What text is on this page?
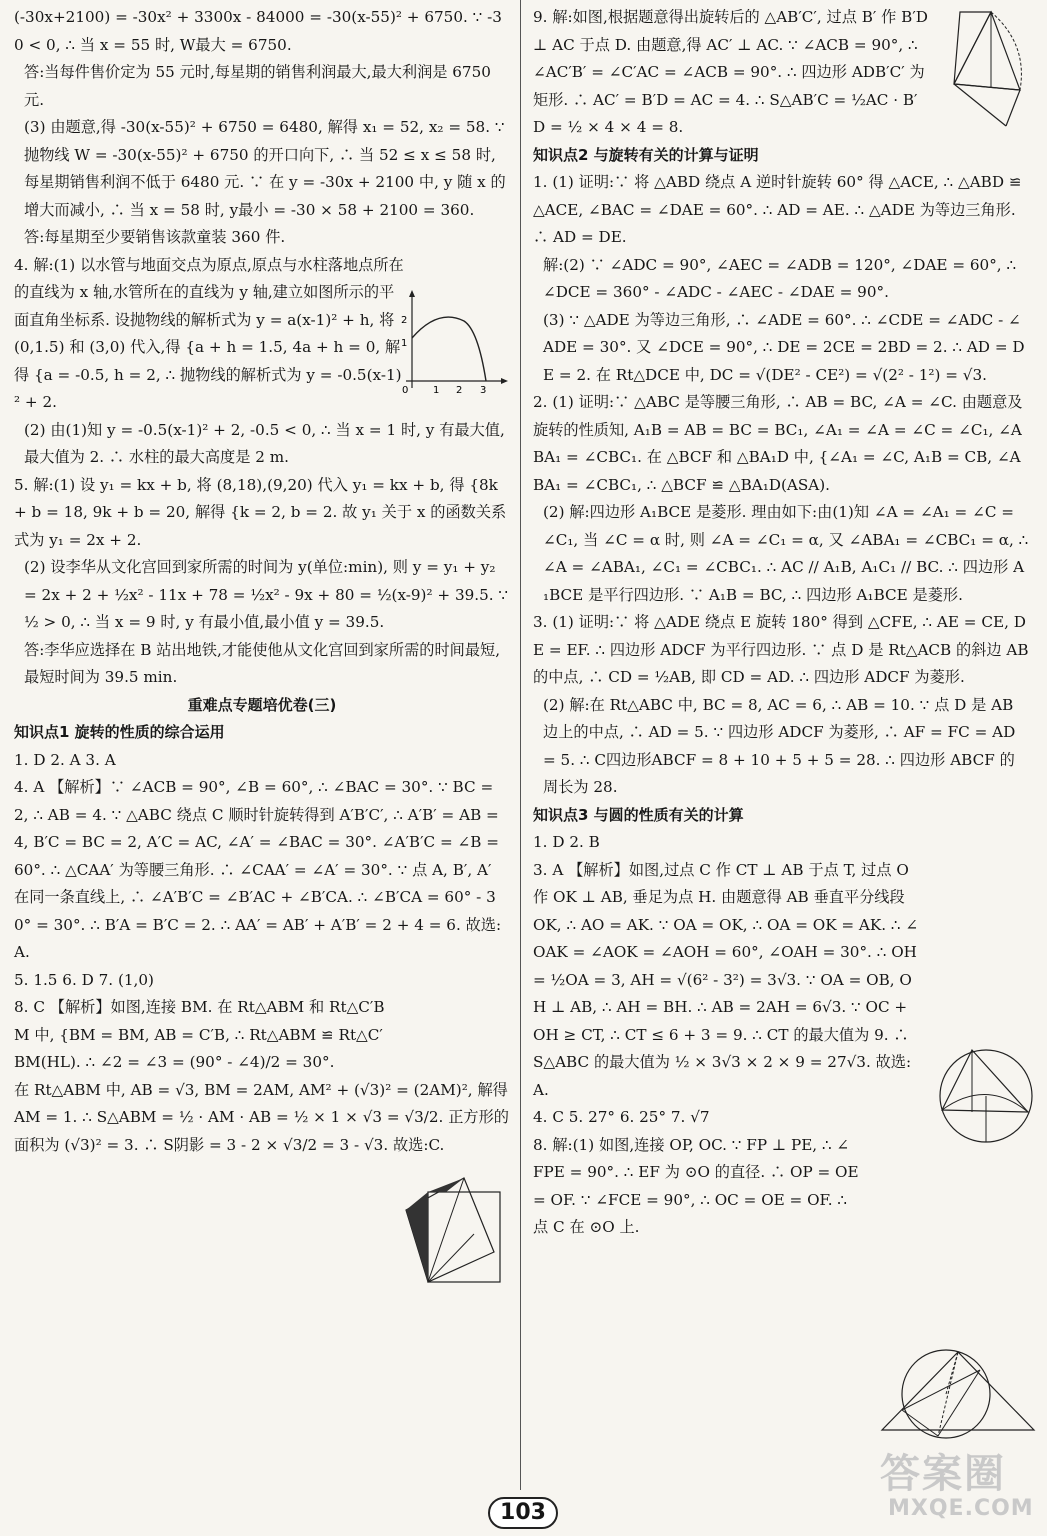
(-30x+2100) = -30x² + 3300x - 84000 = -30(x-55)² + 6750. ∵ -30 < 0, ∴ 当 x = 55 时, W最大 = 6750.

答:当每件售价定为 55 元时,每星期的销售利润最大,最大利润是 6750 元.

(3) 由题意,得 -30(x-55)² + 6750 = 6480, 解得 x₁ = 52, x₂ = 58. ∵ 抛物线 W = -30(x-55)² + 6750 的开口向下, ∴ 当 52 ≤ x ≤ 58 时,每星期销售利润不低于 6480 元. ∵ 在 y = -30x + 2100 中, y 随 x 的增大而减小, ∴ 当 x = 58 时, y最小 = -30 × 58 + 2100 = 360.

答:每星期至少要销售该款童装 360 件.

4. 解:(1) 以水管与地面交点为原点,原点与水柱落地点所在的直线为 x 轴,水管所在的直线为 y 轴,建立如图所示的平面直角坐标系. 设抛物线的解析式为 y = a(x-1)² + h, 将 (0,1.5) 和 (3,0) 代入,得 {a + h = 1.5, 4a + h = 0, 解得 {a = -0.5, h = 2, ∴ 抛物线的解析式为 y = -0.5(x-1)² + 2.

(2) 由(1)知 y = -0.5(x-1)² + 2, -0.5 < 0, ∴ 当 x = 1 时, y 有最大值,最大值为 2. ∴ 水柱的最大高度是 2 m.

5. 解:(1) 设 y₁ = kx + b, 将 (8,18),(9,20) 代入 y₁ = kx + b, 得 {8k + b = 18, 9k + b = 20, 解得 {k = 2, b = 2. 故 y₁ 关于 x 的函数关系式为 y₁ = 2x + 2.

(2) 设李华从文化宫回到家所需的时间为 y(单位:min), 则 y = y₁ + y₂ = 2x + 2 + ½x² - 11x + 78 = ½x² - 9x + 80 = ½(x-9)² + 39.5. ∵ ½ > 0, ∴ 当 x = 9 时, y 有最小值,最小值 y = 39.5.

答:李华应选择在 B 站出地铁,才能使他从文化宫回到家所需的时间最短,最短时间为 39.5 min.

重难点专题培优卷(三)

知识点1 旋转的性质的综合运用

1. D 2. A 3. A

4. A 【解析】∵ ∠ACB = 90°, ∠B = 60°, ∴ ∠BAC = 30°. ∵ BC = 2, ∴ AB = 4. ∵ △ABC 绕点 C 顺时针旋转得到 A′B′C′, ∴ A′B′ = AB = 4, B′C = BC = 2, A′C = AC, ∠A′ = ∠BAC = 30°. ∠A′B′C = ∠B = 60°. ∴ △CAA′ 为等腰三角形. ∴ ∠CAA′ = ∠A′ = 30°. ∵ 点 A, B′, A′ 在同一条直线上, ∴ ∠A′B′C = ∠B′AC + ∠B′CA. ∴ ∠B′CA = 60° - 30° = 30°. ∴ B′A = B′C = 2. ∴ AA′ = AB′ + A′B′ = 2 + 4 = 6. 故选:A.

5. 1.5 6. D 7. (1,0)

8. C 【解析】如图,连接 BM. 在 Rt△ABM 和 Rt△C′BM 中, {BM = BM, AB = C′B, ∴ Rt△ABM ≌ Rt△C′BM(HL). ∴ ∠2 = ∠3 = (90° - ∠4)/2 = 30°.

在 Rt△ABM 中, AB = √3, BM = 2AM, AM² + (√3)² = (2AM)², 解得 AM = 1. ∴ S△ABM = ½ · AM · AB = ½ × 1 × √3 = √3/2. 正方形的面积为 (√3)² = 3. ∴ S阴影 = 3 - 2 × √3/2 = 3 - √3. 故选:C.

9. 解:如图,根据题意得出旋转后的 △AB′C′, 过点 B′ 作 B′D ⊥ AC 于点 D. 由题意,得 AC′ ⊥ AC. ∵ ∠ACB = 90°, ∴ ∠AC′B′ = ∠C′AC = ∠ACB = 90°. ∴ 四边形 ADB′C′ 为矩形. ∴ AC′ = B′D = AC = 4. ∴ S△AB′C = ½AC · B′D = ½ × 4 × 4 = 8.

知识点2 与旋转有关的计算与证明

1. (1) 证明:∵ 将 △ABD 绕点 A 逆时针旋转 60° 得 △ACE, ∴ △ABD ≌ △ACE, ∠BAC = ∠DAE = 60°. ∴ AD = AE. ∴ △ADE 为等边三角形. ∴ AD = DE.

解:(2) ∵ ∠ADC = 90°, ∠AEC = ∠ADB = 120°, ∠DAE = 60°, ∴ ∠DCE = 360° - ∠ADC - ∠AEC - ∠DAE = 90°.

(3) ∵ △ADE 为等边三角形, ∴ ∠ADE = 60°. ∴ ∠CDE = ∠ADC - ∠ADE = 30°. 又 ∠DCE = 90°, ∴ DE = 2CE = 2BD = 2. ∴ AD = DE = 2. 在 Rt△DCE 中, DC = √(DE² - CE²) = √(2² - 1²) = √3.

2. (1) 证明:∵ △ABC 是等腰三角形, ∴ AB = BC, ∠A = ∠C. 由题意及旋转的性质知, A₁B = AB = BC = BC₁, ∠A₁ = ∠A = ∠C = ∠C₁, ∠ABA₁ = ∠CBC₁. 在 △BCF 和 △BA₁D 中, {∠A₁ = ∠C, A₁B = CB, ∠ABA₁ = ∠CBC₁, ∴ △BCF ≌ △BA₁D(ASA).

(2) 解:四边形 A₁BCE 是菱形. 理由如下:由(1)知 ∠A = ∠A₁ = ∠C = ∠C₁, 当 ∠C = α 时, 则 ∠A = ∠C₁ = α, 又 ∠ABA₁ = ∠CBC₁ = α, ∴ ∠A = ∠ABA₁, ∠C₁ = ∠CBC₁. ∴ AC // A₁B, A₁C₁ // BC. ∴ 四边形 A₁BCE 是平行四边形. ∵ A₁B = BC, ∴ 四边形 A₁BCE 是菱形.

3. (1) 证明:∵ 将 △ADE 绕点 E 旋转 180° 得到 △CFE, ∴ AE = CE, DE = EF. ∴ 四边形 ADCF 为平行四边形. ∵ 点 D 是 Rt△ACB 的斜边 AB 的中点, ∴ CD = ½AB, 即 CD = AD. ∴ 四边形 ADCF 为菱形.

(2) 解:在 Rt△ABC 中, BC = 8, AC = 6, ∴ AB = 10. ∵ 点 D 是 AB 边上的中点, ∴ AD = 5. ∵ 四边形 ADCF 为菱形, ∴ AF = FC = AD = 5. ∴ C四边形ABCF = 8 + 10 + 5 + 5 = 28. ∴ 四边形 ABCF 的周长为 28.

知识点3 与圆的性质有关的计算

1. D 2. B

3. A 【解析】如图,过点 C 作 CT ⊥ AB 于点 T, 过点 O 作 OK ⊥ AB, 垂足为点 H. 由题意得 AB 垂直平分线段 OK, ∴ AO = AK. ∵ OA = OK, ∴ OA = OK = AK. ∴ ∠OAK = ∠AOK = ∠AOH = 60°, ∠OAH = 30°. ∴ OH = ½OA = 3, AH = √(6² - 3²) = 3√3. ∵ OA = OB, OH ⊥ AB, ∴ AH = BH. ∴ AB = 2AH = 6√3. ∵ OC + OH ≥ CT, ∴ CT ≤ 6 + 3 = 9. ∴ CT 的最大值为 9. ∴ S△ABC 的最大值为 ½ × 3√3 × 2 × 9 = 27√3. 故选:A.

4. C 5. 27° 6. 25° 7. √7

8. 解:(1) 如图,连接 OP, OC. ∵ FP ⊥ PE, ∴ ∠FPE = 90°. ∴ EF 为 ⊙O 的直径. ∴ OP = OE = OF. ∵ ∠FCE = 90°, ∴ OC = OE = OF. ∴ 点 C 在 ⊙O 上.

0 1 2 3
2
1
103
答案圈
MXQE.COM
